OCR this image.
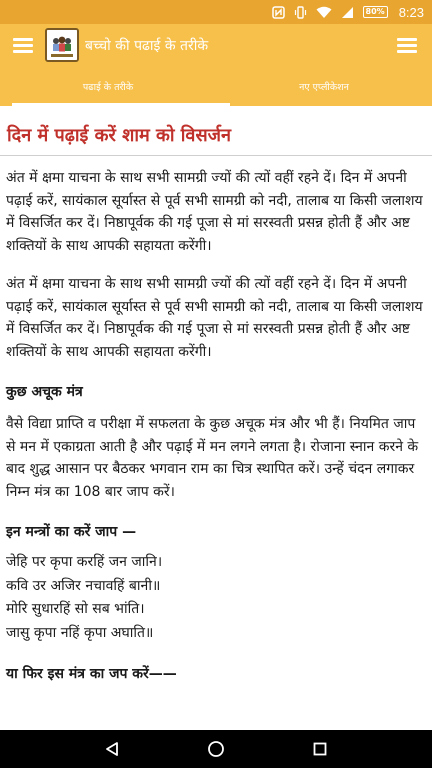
80% 8:23
बच्चो की पढाई के तरीके
पढाई के तरीके	नए एप्लीकेशन
दिन में पढ़ाई करें शाम को विसर्जन

अंत में क्षमा याचना के साथ सभी सामग्री ज्यों की त्यों वहीं रहने दें। दिन में अपनी पढ़ाई करें, सायंकाल सूर्यास्त से पूर्व सभी सामग्री को नदी, तालाब या किसी जलाशय में विसर्जित कर दें। निष्ठापूर्वक की गई पूजा से मां सरस्वती प्रसन्न होती हैं और अष्ट शक्तियों के साथ आपकी सहायता करेंगी।

अंत में क्षमा याचना के साथ सभी सामग्री ज्यों की त्यों वहीं रहने दें। दिन में अपनी पढ़ाई करें, सायंकाल सूर्यास्त से पूर्व सभी सामग्री को नदी, तालाब या किसी जलाशय में विसर्जित कर दें। निष्ठापूर्वक की गई पूजा से मां सरस्वती प्रसन्न होती हैं और अष्ट शक्तियों के साथ आपकी सहायता करेंगी।

कुछ अचूक मंत्र

वैसे विद्या प्राप्ति व परीक्षा में सफलता के कुछ अचूक मंत्र और भी हैं। नियमित जाप से मन में एकाग्रता आती है और पढ़ाई में मन लगने लगता है। रोजाना स्नान करने के बाद शुद्ध आसान पर बैठकर भगवान राम का चित्र स्थापित करें। उन्हें चंदन लगाकर निम्न मंत्र का 108 बार जाप करें।

इन मन्त्रों का करें जाप —
जेहि पर कृपा करहिं जन जानि।
कवि उर अजिर नचावहिं बानी॥
मोरि सुधारहिं सो सब भांति।
जासु कृपा नहिं कृपा अघाति॥
या फिर इस मंत्र का जप करें——
